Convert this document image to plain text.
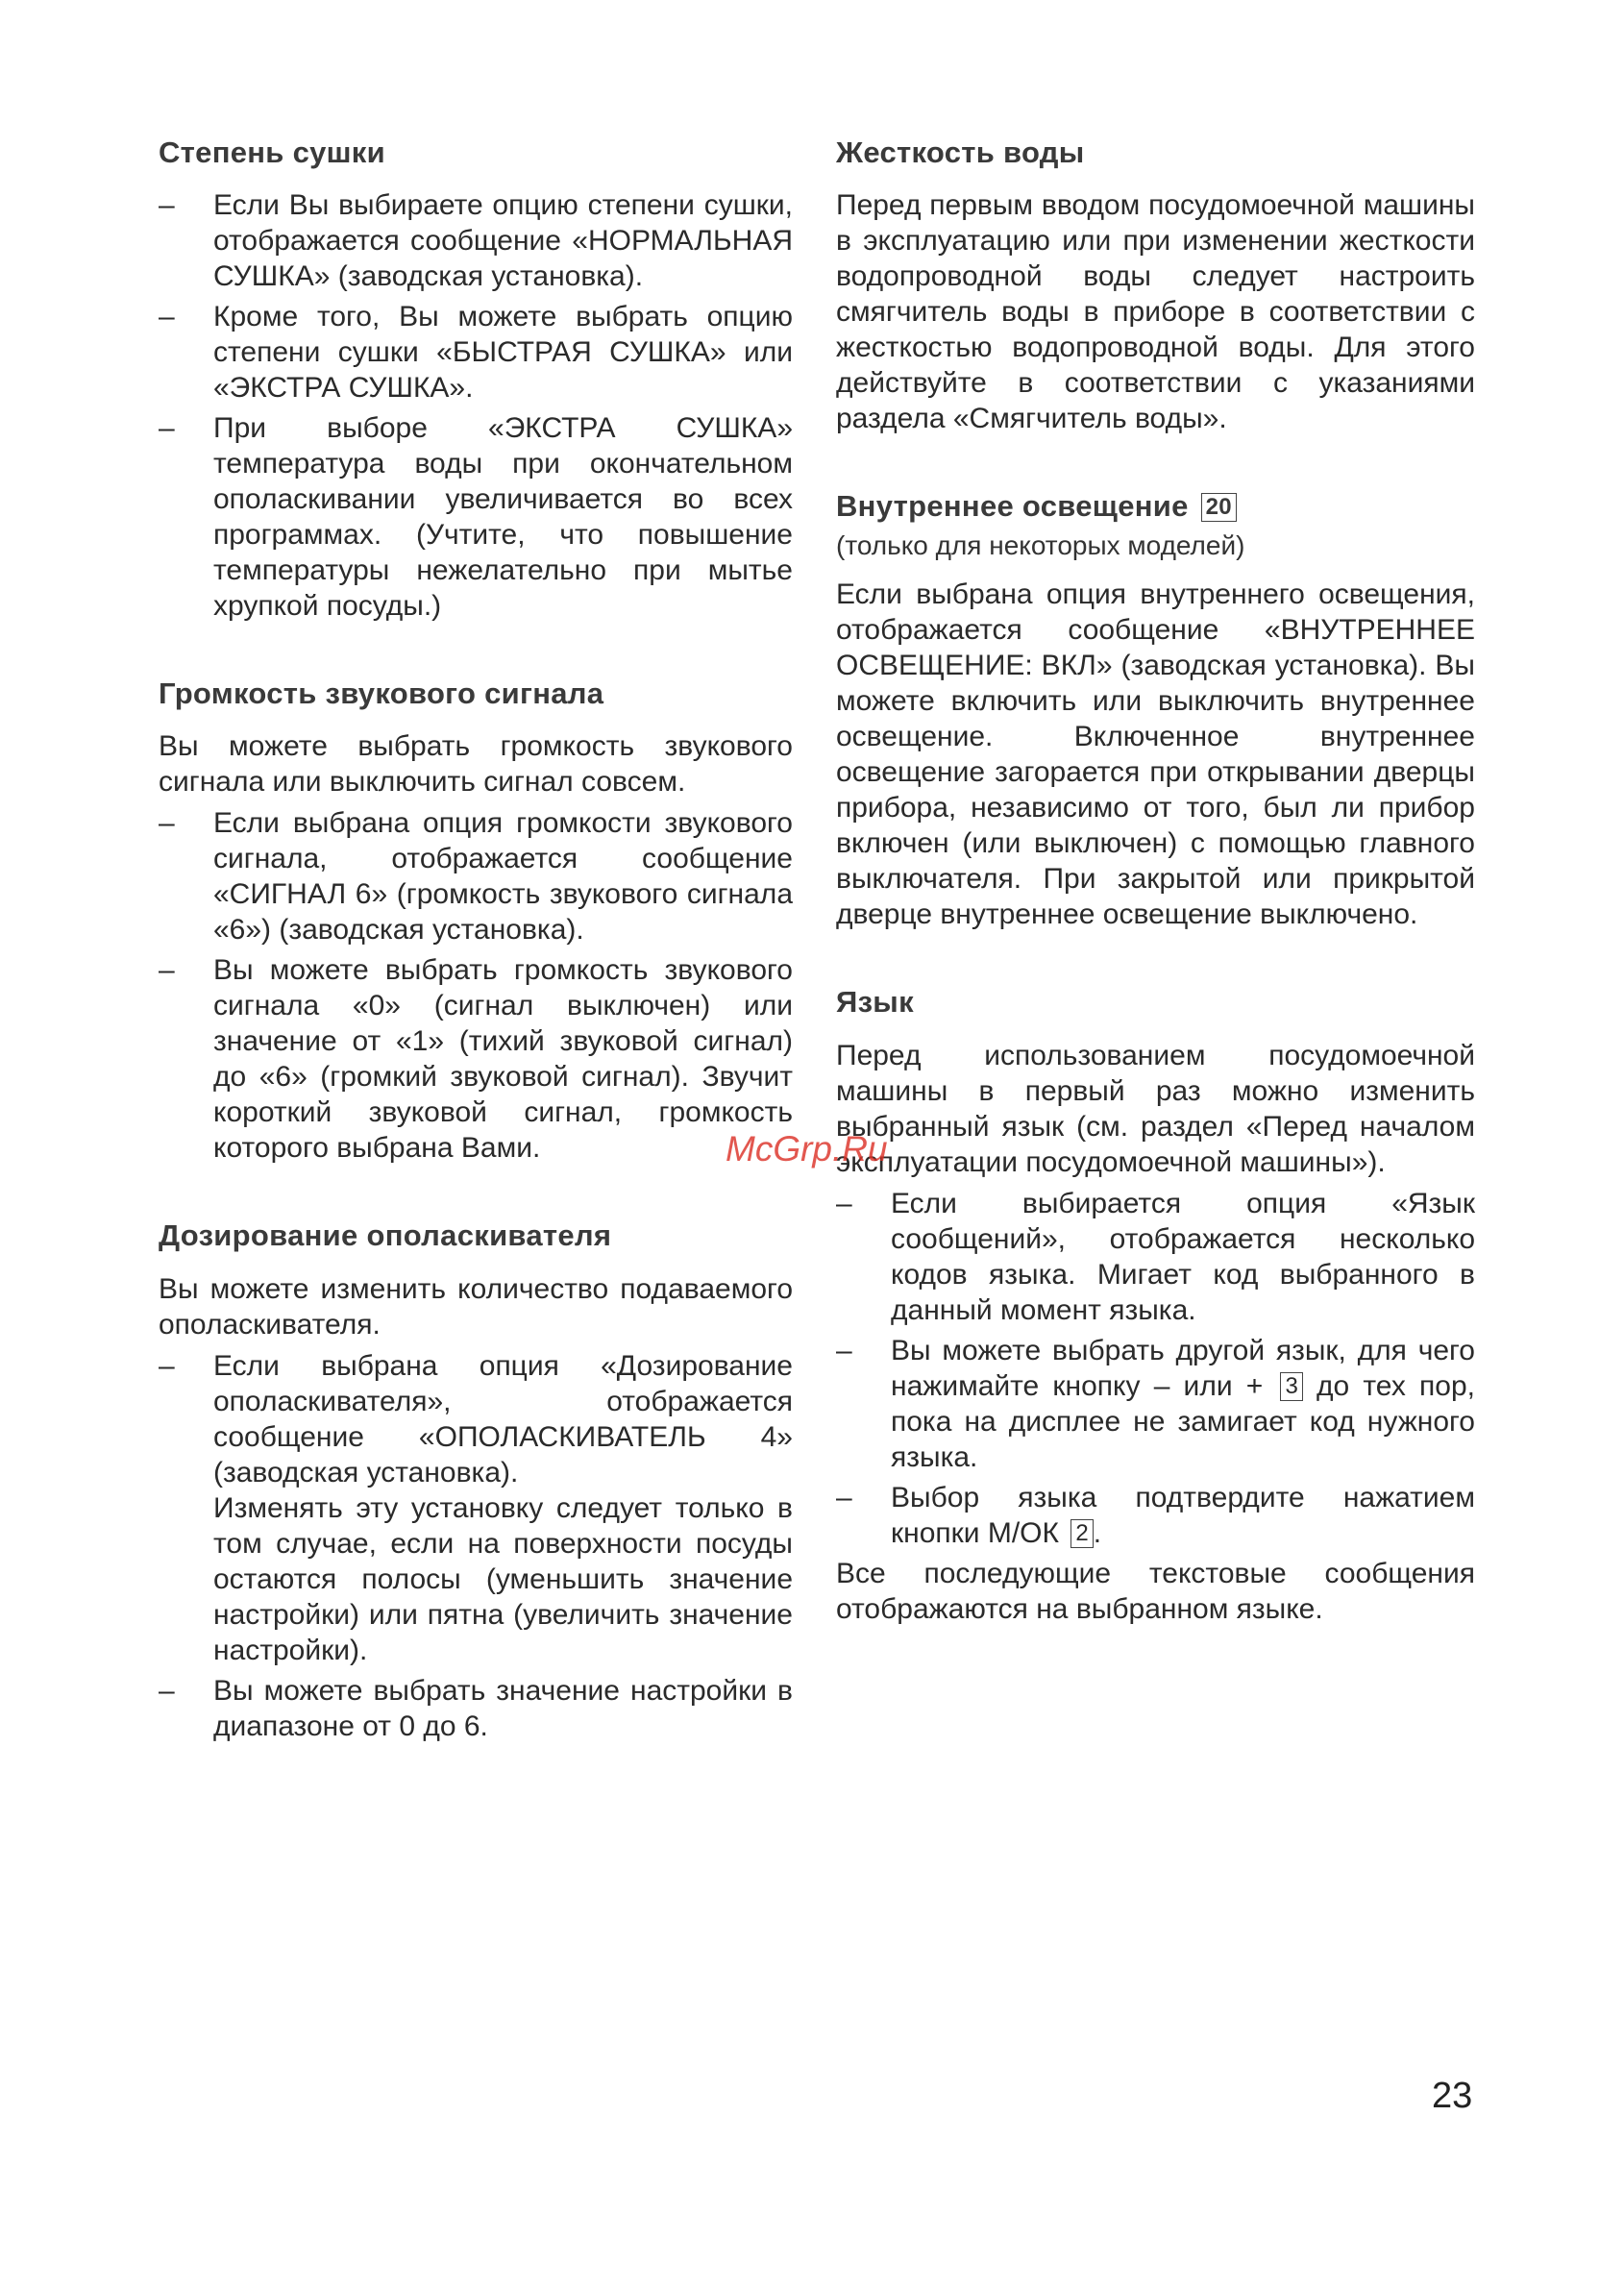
Степень сушки
– Если Вы выбираете опцию степени сушки, отображается сообщение «НОРМАЛЬНАЯ СУШКА» (заводская установка).
– Кроме того, Вы можете выбрать опцию степени сушки «БЫСТРАЯ СУШКА» или «ЭКСТРА СУШКА».
– При выборе «ЭКСТРА СУШКА» температура воды при окончательном ополаскивании увеличивается во всех программах. (Учтите, что повышение температуры нежелательно при мытье хрупкой посуды.)
Громкость звукового сигнала

Вы можете выбрать громкость звукового сигнала или выключить сигнал совсем.

– Если выбрана опция громкости звукового сигнала, отображается сообщение «СИГНАЛ 6» (громкость звукового сигнала «6») (заводская установка).
– Вы можете выбрать громкость звукового сигнала «0» (сигнал выключен) или значение от «1» (тихий звуковой сигнал) до «6» (громкий звуковой сигнал). Звучит короткий звуковой сигнал, громкость которого выбрана Вами.
Дозирование ополаскивателя

Вы можете изменить количество подаваемого ополаскивателя.

– Если выбрана опция «Дозирование ополаскивателя», отображается сообщение «ОПОЛАСКИВАТЕЛЬ 4» (заводская установка).
Изменять эту установку следует только в том случае, если на поверхности посуды остаются полосы (уменьшить значение настройки) или пятна (увеличить значение настройки).
– Вы можете выбрать значение настройки в диапазоне от 0 до 6.
Жесткость воды

Перед первым вводом посудомоечной машины в эксплуатацию или при изменении жесткости водопроводной воды следует настроить смягчитель воды в приборе в соответствии с жесткостью водопроводной воды. Для этого действуйте в соответствии с указаниями раздела «Смягчитель воды».

Внутреннее освещение 20
(только для некоторых моделей)

Если выбрана опция внутреннего освещения, отображается сообщение «ВНУТРЕННЕЕ ОСВЕЩЕНИЕ: ВКЛ» (заводская установка). Вы можете включить или выключить внутреннее освещение. Включенное внутреннее освещение загорается при открывании дверцы прибора, независимо от того, был ли прибор включен (или выключен) с помощью главного выключателя. При закрытой или прикрытой дверце внутреннее освещение выключено.

Язык

Перед использованием посудомоечной машины в первый раз можно изменить выбранный язык (см. раздел «Перед началом эксплуатации посудомоечной машины»).

– Если выбирается опция «Язык сообщений», отображается несколько кодов языка. Мигает код выбранного в данный момент языка.
– Вы можете выбрать другой язык, для чего нажимайте кнопку – или + 3 до тех пор, пока на дисплее не замигает код нужного языка.
– Выбор языка подтвердите нажатием кнопки М/ОК 2 .

Все последующие текстовые сообщения отображаются на выбранном языке.

McGrp.Ru
23
